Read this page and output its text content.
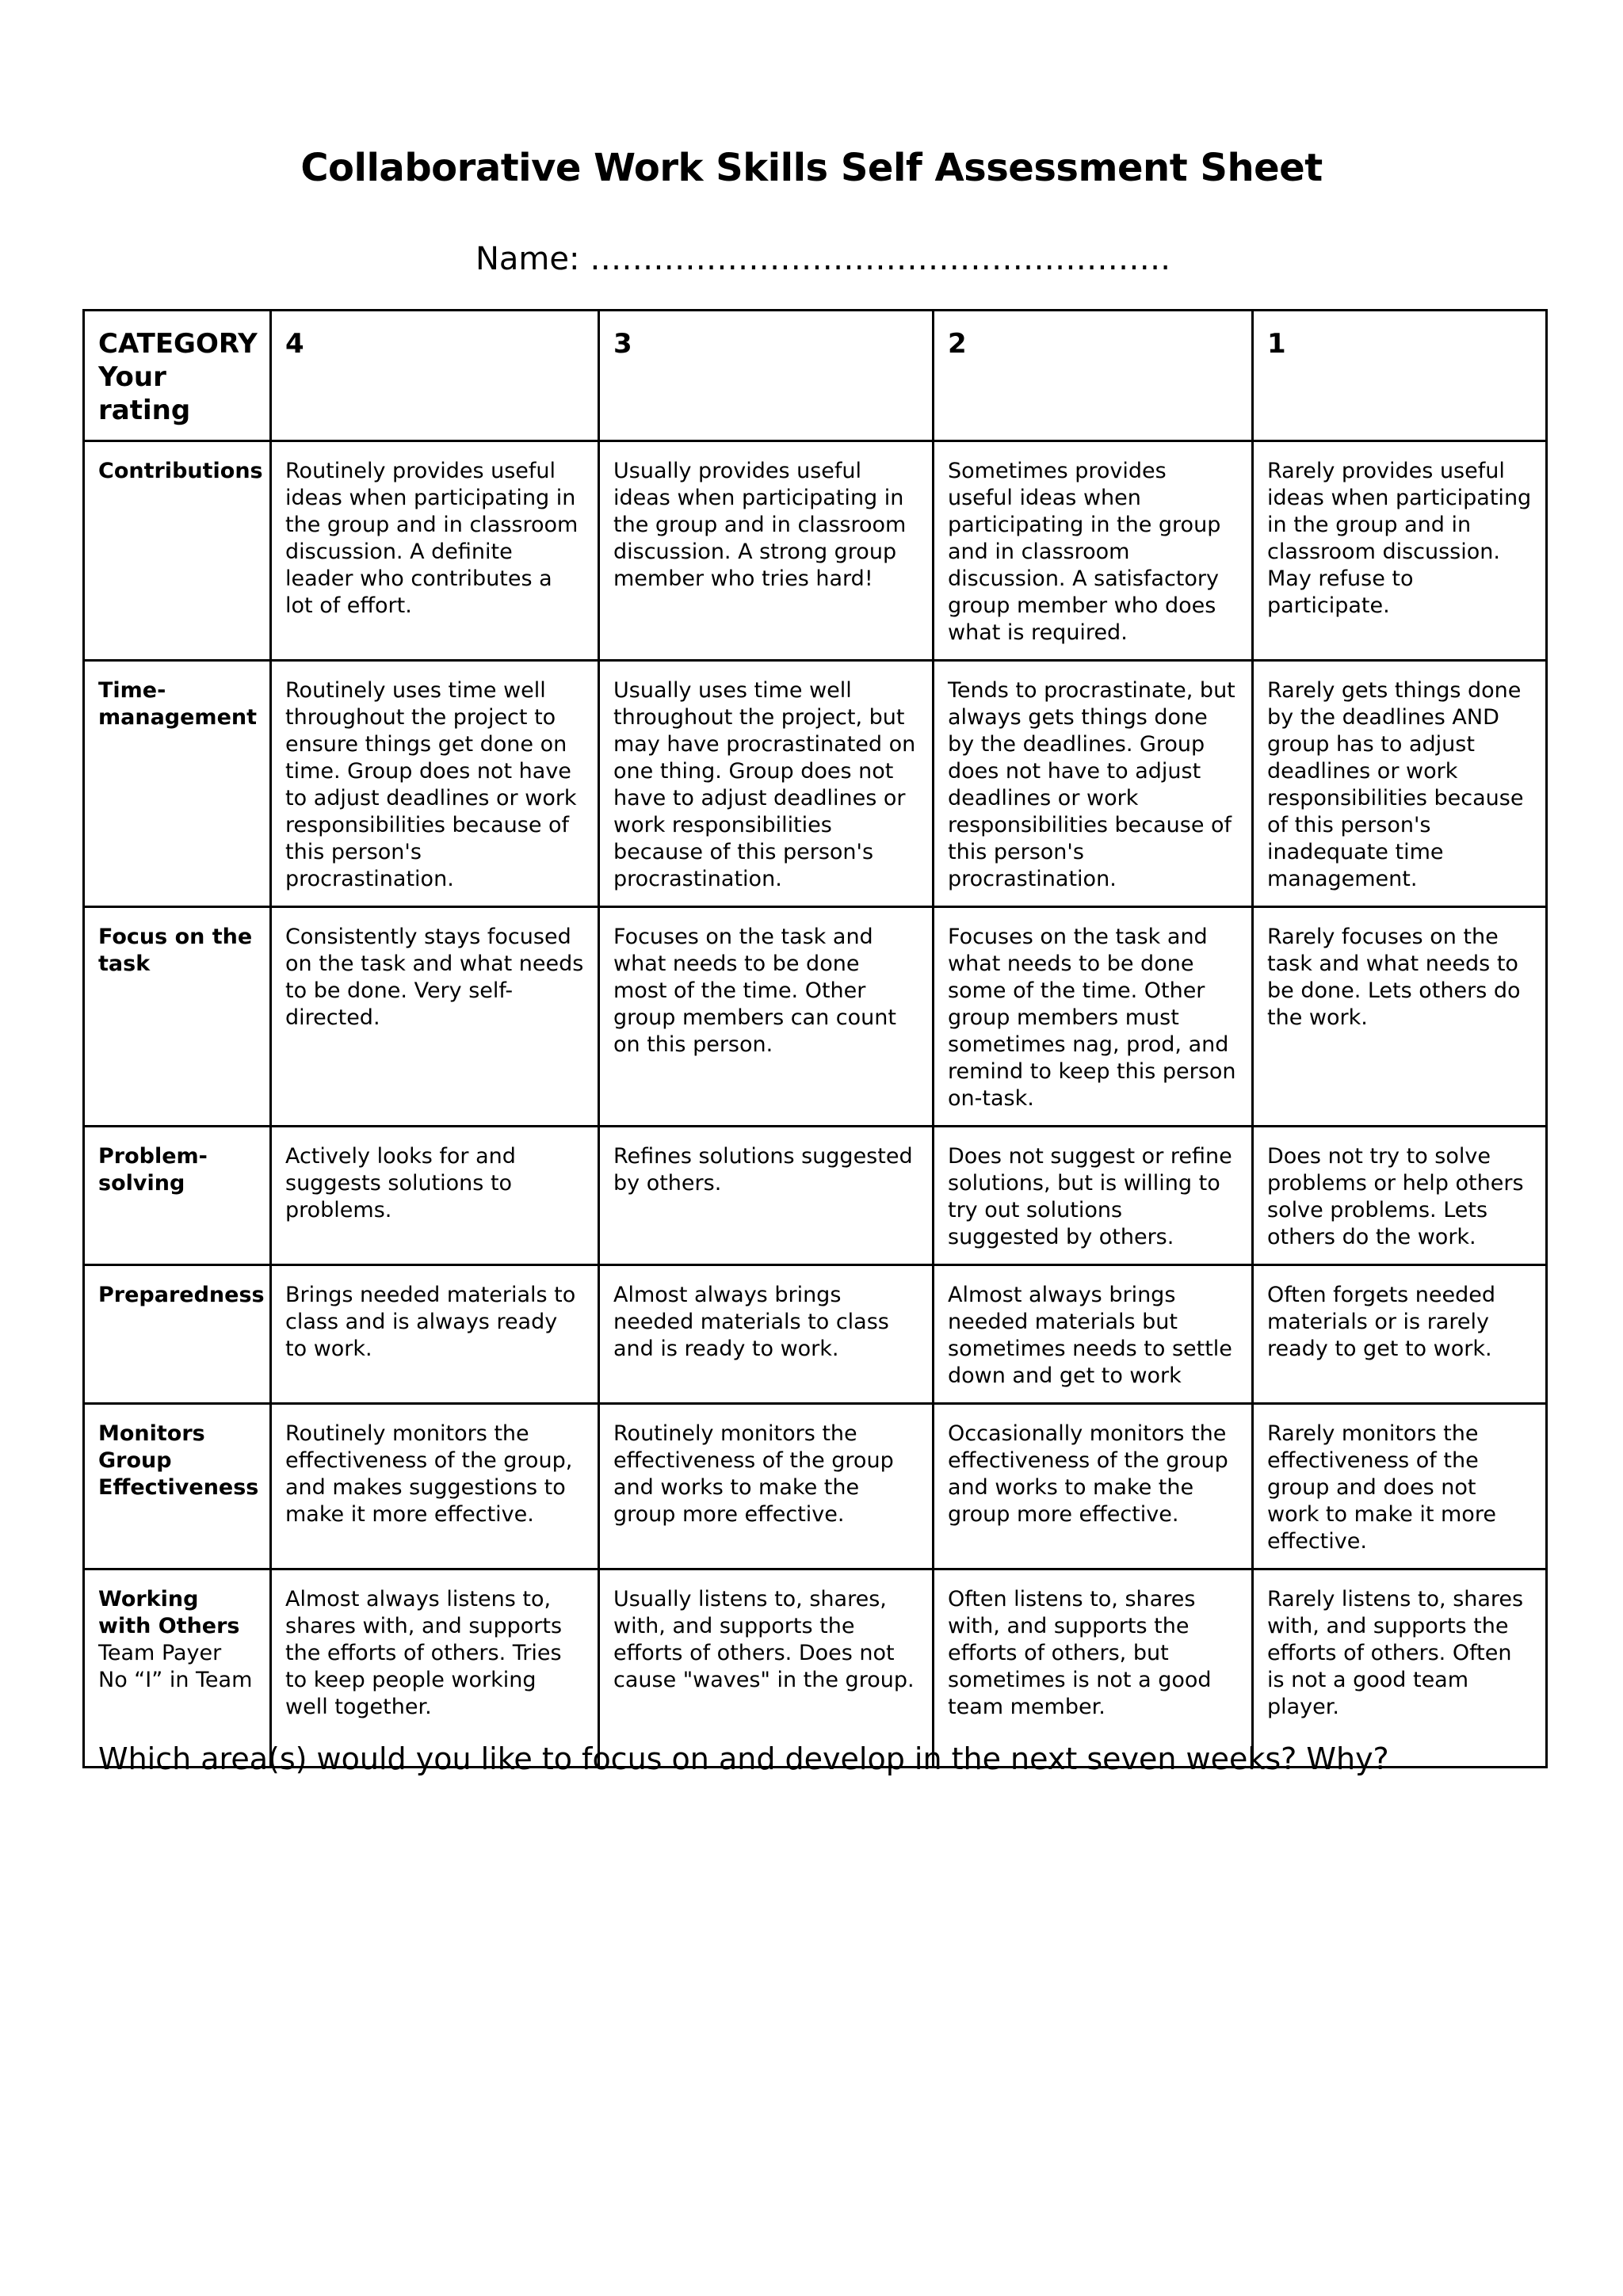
Collaborative Work Skills Self Assessment Sheet
Name: ……………………………………………….
CATEGORY
Your rating	4	3	2	1
Contributions	Routinely provides useful ideas when participating in the group and in classroom discussion. A definite leader who contributes a lot of effort.	Usually provides useful ideas when participating in the group and in classroom discussion. A strong group member who tries hard!	Sometimes provides useful ideas when participating in the group and in classroom discussion. A satisfactory group member who does what is required.	Rarely provides useful ideas when participating in the group and in classroom discussion. May refuse to participate.
Time-management	Routinely uses time well throughout the project to ensure things get done on time. Group does not have to adjust deadlines or work responsibilities because of this person's procrastination.	Usually uses time well throughout the project, but may have procrastinated on one thing. Group does not have to adjust deadlines or work responsibilities because of this person's procrastination.	Tends to procrastinate, but always gets things done by the deadlines. Group does not have to adjust deadlines or work responsibilities because of this person's procrastination.	Rarely gets things done by the deadlines AND group has to adjust deadlines or work responsibilities because of this person's inadequate time management.
Focus on the task	Consistently stays focused on the task and what needs to be done. Very self-directed.	Focuses on the task and what needs to be done most of the time. Other group members can count on this person.	Focuses on the task and what needs to be done some of the time. Other group members must sometimes nag, prod, and remind to keep this person on-task.	Rarely focuses on the task and what needs to be done. Lets others do the work.
Problem-solving	Actively looks for and suggests solutions to problems.	Refines solutions suggested by others.	Does not suggest or refine solutions, but is willing to try out solutions suggested by others.	Does not try to solve problems or help others solve problems. Lets others do the work.
Preparedness	Brings needed materials to class and is always ready to work.	Almost always brings needed materials to class and is ready to work.	Almost always brings needed materials but sometimes needs to settle down and get to work	Often forgets needed materials or is rarely ready to get to work.
Monitors Group Effectiveness	Routinely monitors the effectiveness of the group, and makes suggestions to make it more effective.	Routinely monitors the effectiveness of the group and works to make the group more effective.	Occasionally monitors the effectiveness of the group and works to make the group more effective.	Rarely monitors the effectiveness of the group and does not work to make it more effective.
Working with Others
Team Payer
No “I” in Team	Almost always listens to, shares with, and supports the efforts of others. Tries to keep people working well together.	Usually listens to, shares, with, and supports the efforts of others. Does not cause "waves" in the group.	Often listens to, shares with, and supports the efforts of others, but sometimes is not a good team member.	Rarely listens to, shares with, and supports the efforts of others. Often is not a good team player.
Which area(s) would you like to focus on and develop in the next seven weeks? Why?
